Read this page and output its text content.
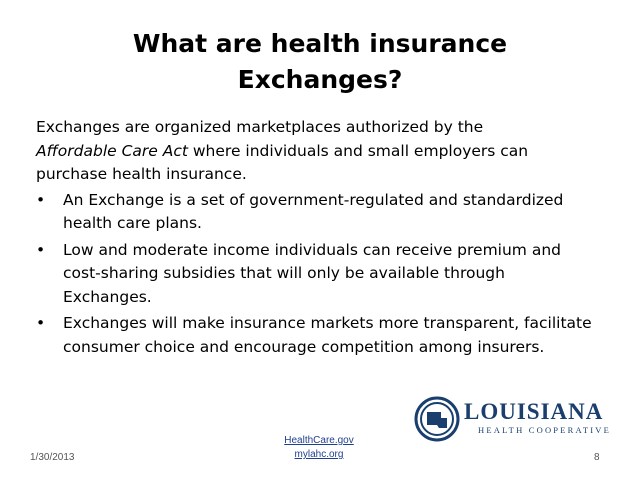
What are health insurance
Exchanges?

Exchanges are organized marketplaces authorized by the
Affordable Care Act where individuals and small employers can purchase health insurance.

•	An Exchange is a set of government-regulated and standardized health care plans.
•	Low and moderate income individuals can receive premium and cost-sharing subsidies that will only be available through Exchanges.
•	Exchanges will make insurance markets more transparent, facilitate consumer choice and encourage competition among insurers.
LOUISIANA
HEALTH COOPERATIVE
HealthCare.gov
mylahc.org
1/30/2013	8
